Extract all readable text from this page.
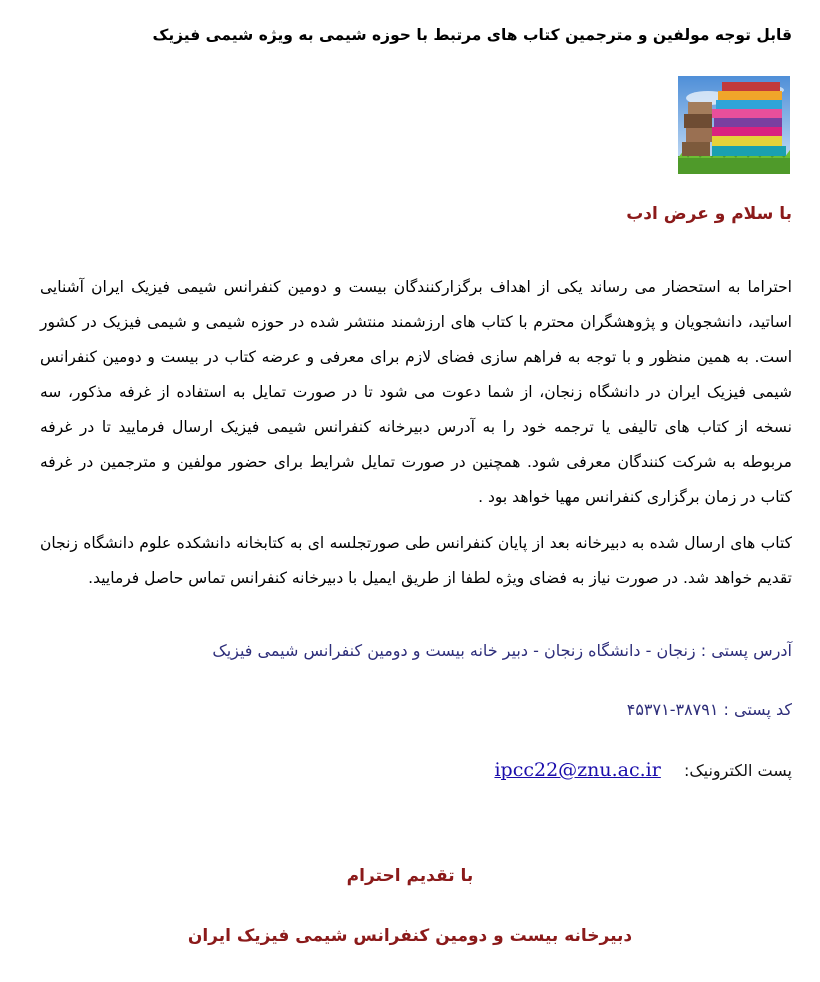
قابل توجه مولفین و مترجمین کتاب های مرتبط با حوزه شیمی به ویژه شیمی فیزیک
با سلام و عرض ادب

احتراما به استحضار می رساند یکی از اهداف برگزارکنندگان بیست و دومین کنفرانس شیمی فیزیک ایران آشنایی اساتید، دانشجویان و پژوهشگران محترم با کتاب های ارزشمند منتشر شده در حوزه شیمی و شیمی فیزیک در کشور است. به همین منظور و با توجه به فراهم سازی فضای لازم برای معرفی و عرضه کتاب در بیست و دومین کنفرانس شیمی فیزیک ایران در دانشگاه زنجان، از شما دعوت می شود تا در صورت تمایل به استفاده از غرفه مذکور، سه نسخه از کتاب های تالیفی یا ترجمه خود را به آدرس دبیرخانه کنفرانس شیمی فیزیک ارسال فرمایید تا در غرفه مربوطه به شرکت کنندگان معرفی شود. همچنین در صورت تمایل شرایط برای حضور مولفین و مترجمین در غرفه کتاب در زمان برگزاری کنفرانس مهیا خواهد بود .

کتاب های ارسال شده به دبیرخانه بعد از پایان کنفرانس طی صورتجلسه ای به کتابخانه دانشکده علوم دانشگاه زنجان تقدیم خواهد شد. در صورت نیاز به فضای ویژه لطفا از طریق ایمیل با دبیرخانه کنفرانس تماس حاصل فرمایید.

آدرس پستی : زنجان - دانشگاه زنجان - دبیر خانه بیست و دومین کنفرانس شیمی فیزیک
کد پستی : ۳۸۷۹۱-۴۵۳۷۱
پست الکترونیک: ipcc22@znu.ac.ir
با تقدیم احترام
دبیرخانه بیست و دومین کنفرانس شیمی فیزیک ایران
